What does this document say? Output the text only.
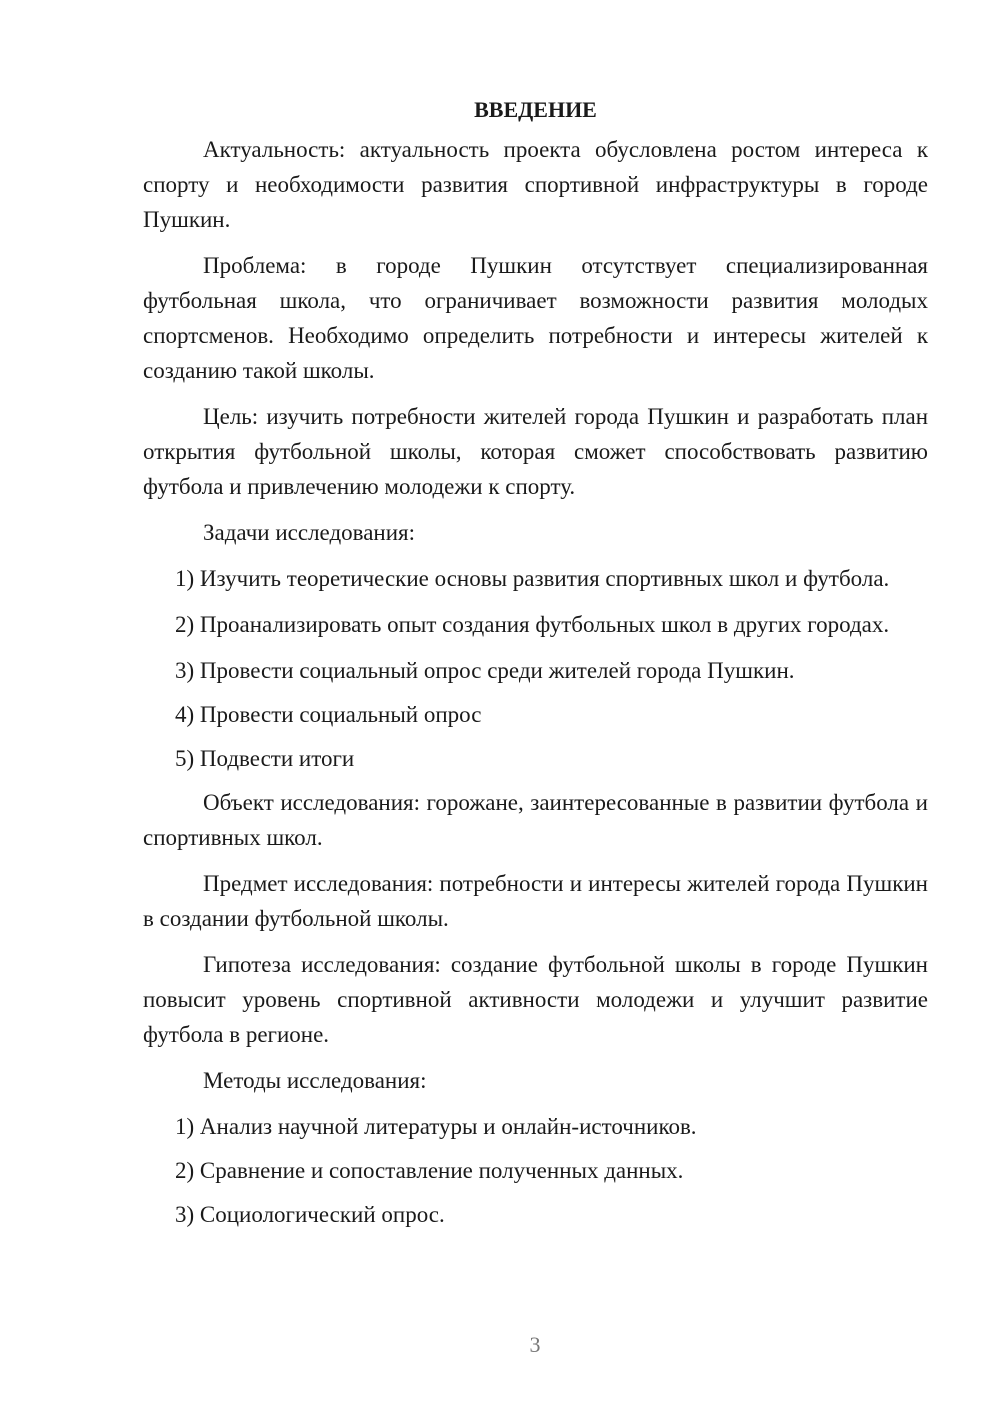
ВВЕДЕНИЕ

Актуальность: актуальность проекта обусловлена ростом интереса к спорту и необходимости развития спортивной инфраструктуры в городе Пушкин.

Проблема: в городе Пушкин отсутствует специализированная футбольная школа, что ограничивает возможности развития молодых спортсменов. Необходимо определить потребности и интересы жителей к созданию такой школы.

Цель: изучить потребности жителей города Пушкин и разработать план открытия футбольной школы, которая сможет способствовать развитию футбола и привлечению молодежи к спорту.

Задачи исследования:

1) Изучить теоретические основы развития спортивных школ и футбола.

2) Проанализировать опыт создания футбольных школ в других городах.

3) Провести социальный опрос среди жителей города Пушкин.

4) Провести социальный опрос

5) Подвести итоги

Объект исследования: горожане, заинтересованные в развитии футбола и спортивных школ.

Предмет исследования: потребности и интересы жителей города Пушкин в создании футбольной школы.

Гипотеза исследования: создание футбольной школы в городе Пушкин повысит уровень спортивной активности молодежи и улучшит развитие футбола в регионе.

Методы исследования:

1) Анализ научной литературы и онлайн-источников.

2) Сравнение и сопоставление полученных данных.

3) Социологический опрос.

3
